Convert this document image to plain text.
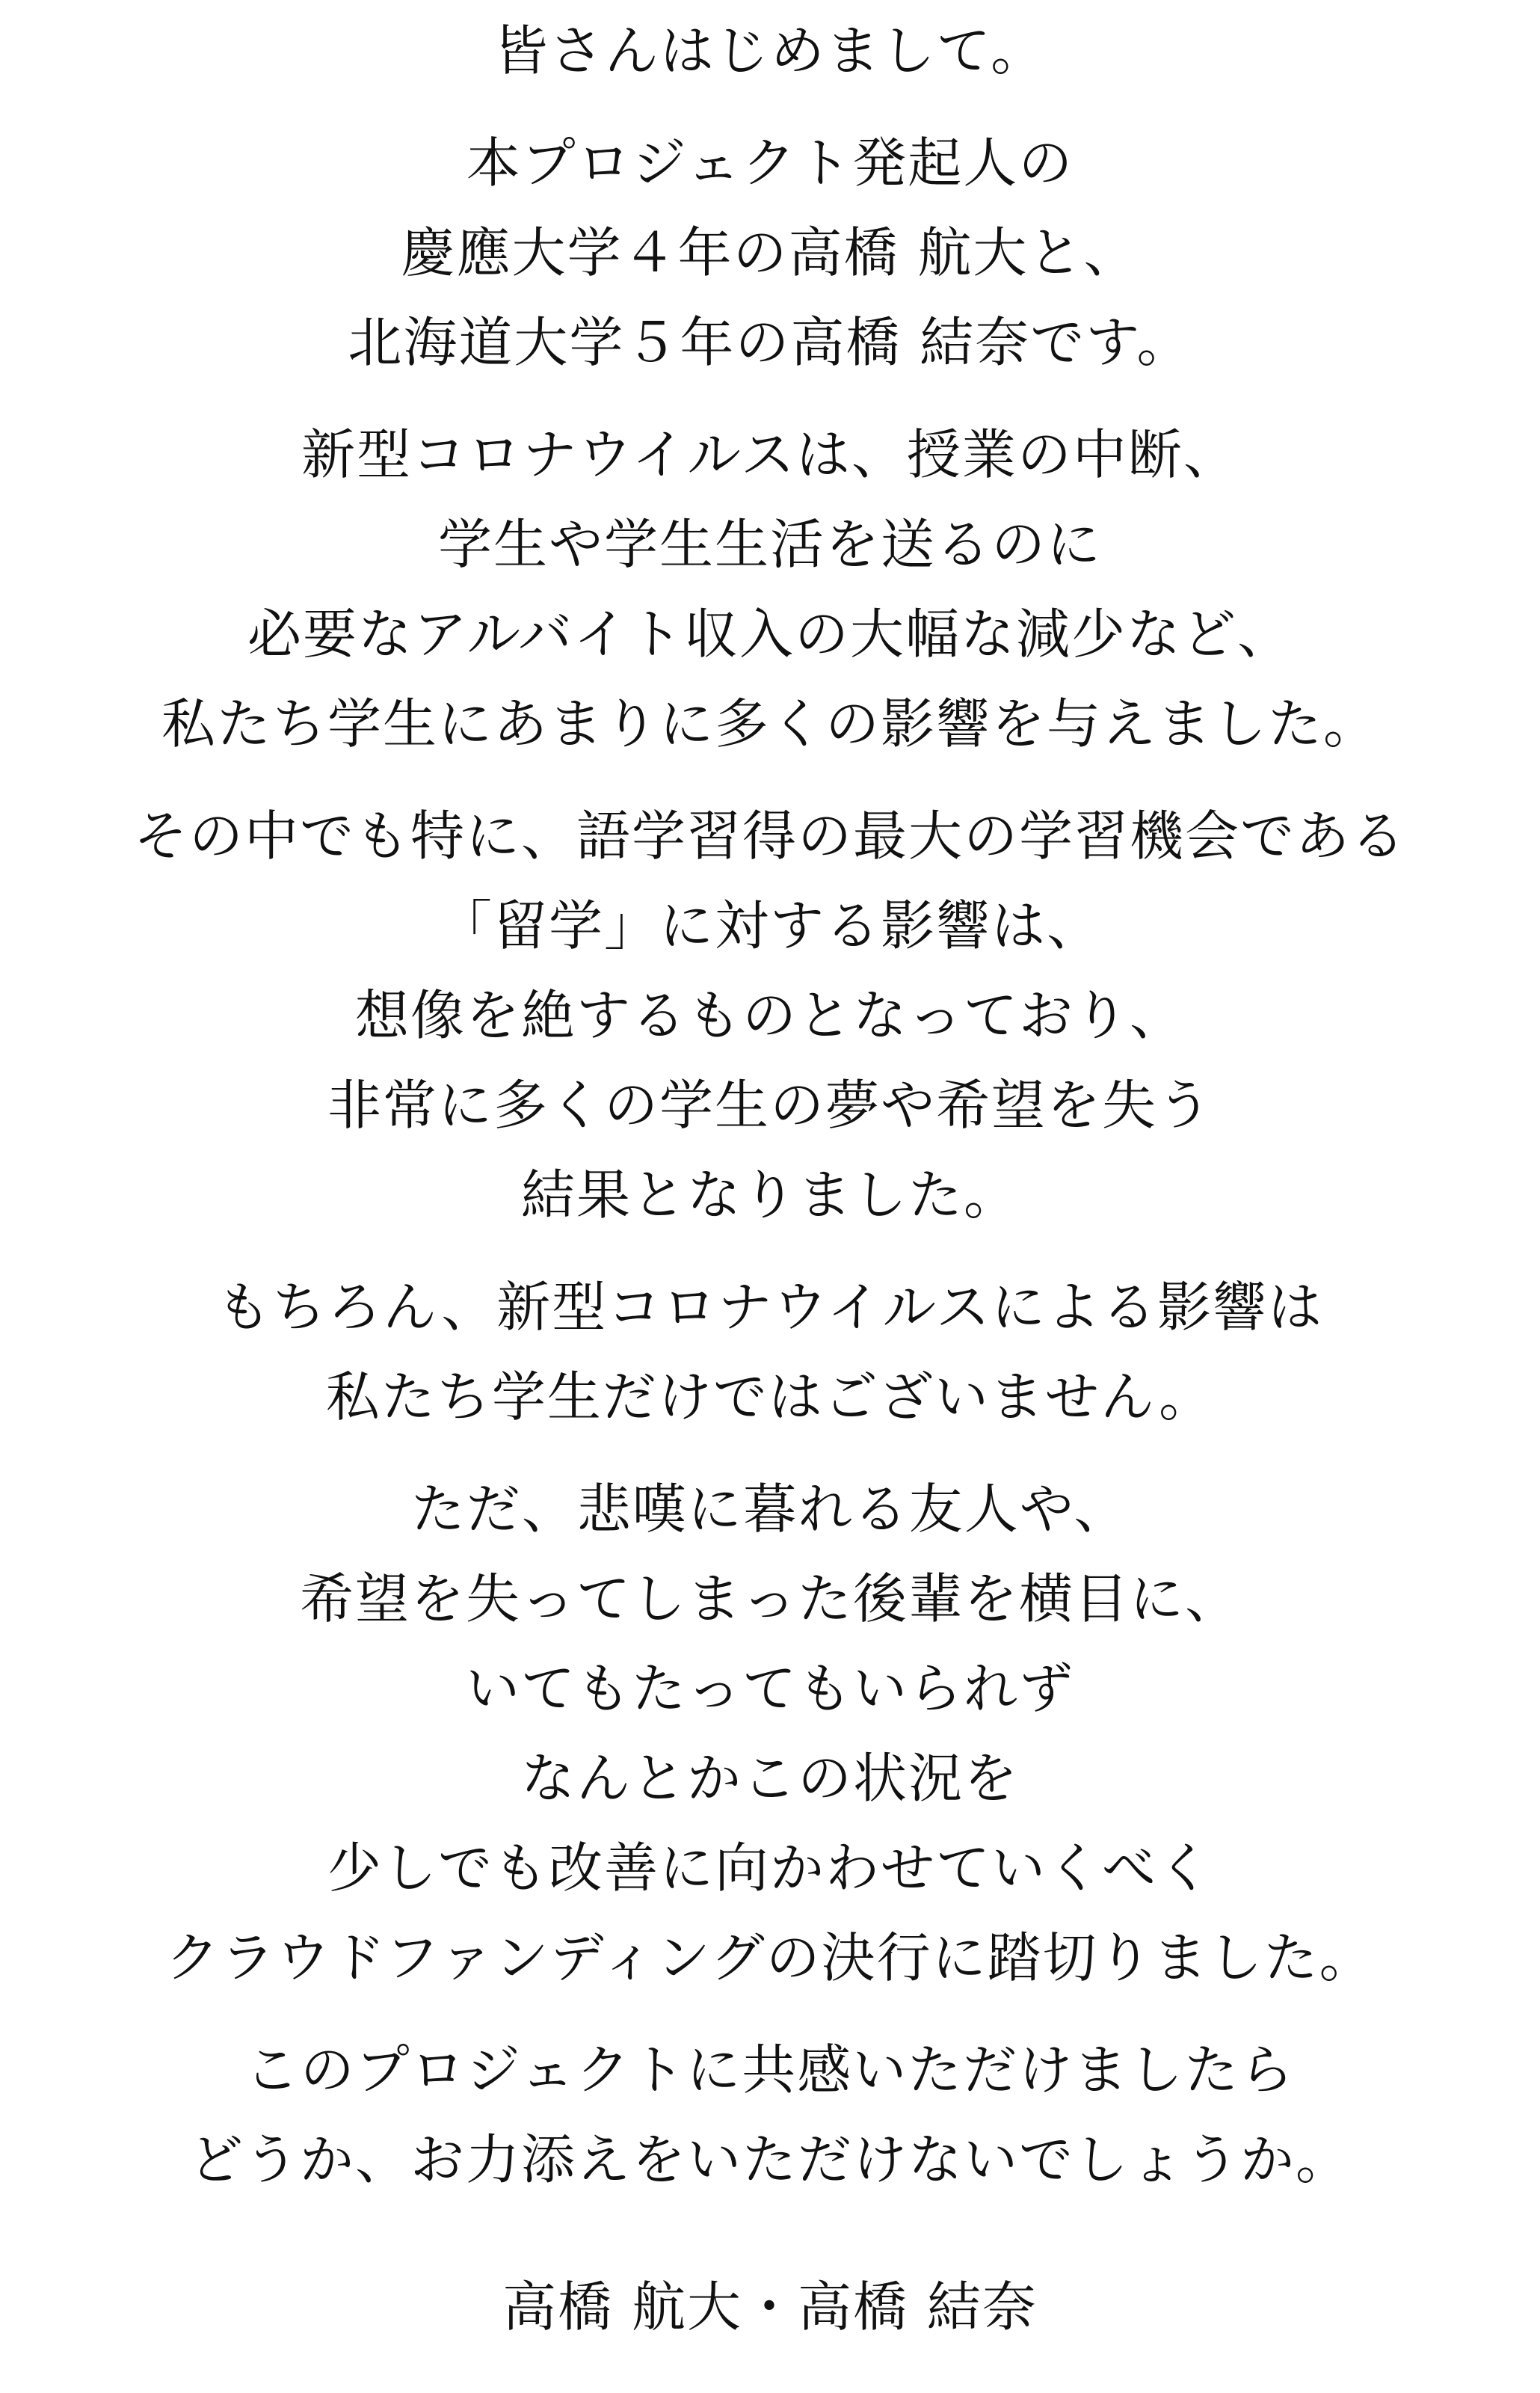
皆さんはじめまして。
本プロジェクト発起人の
慶應大学４年の高橋 航大と、
北海道大学５年の高橋 結奈です。
新型コロナウイルスは、授業の中断、
学生や学生生活を送るのに
必要なアルバイト収入の大幅な減少など、
私たち学生にあまりに多くの影響を与えました。
その中でも特に、語学習得の最大の学習機会である
「留学」に対する影響は、
想像を絶するものとなっており、
非常に多くの学生の夢や希望を失う
結果となりました。
もちろん、新型コロナウイルスによる影響は
私たち学生だけではございません。
ただ、悲嘆に暮れる友人や、
希望を失ってしまった後輩を横目に、
いてもたってもいられず
なんとかこの状況を
少しでも改善に向かわせていくべく
クラウドファンディングの決行に踏切りました。
このプロジェクトに共感いただけましたら
どうか、お力添えをいただけないでしょうか。
高橋 航大・高橋 結奈
